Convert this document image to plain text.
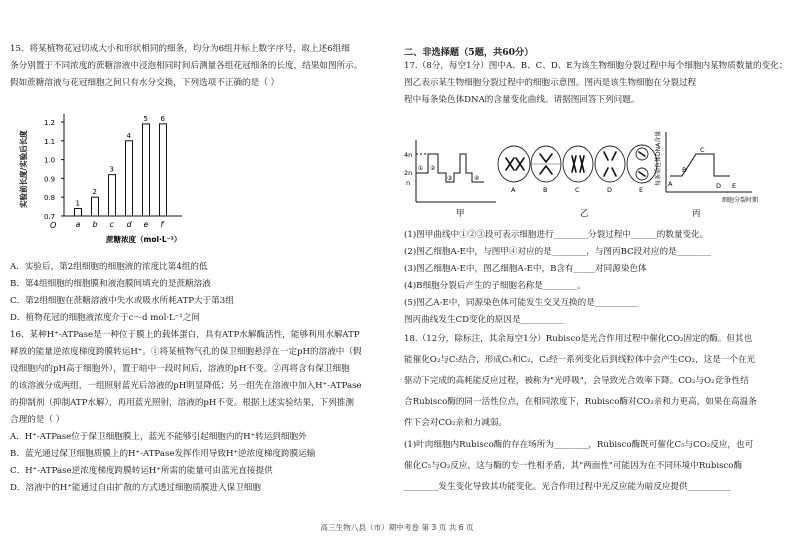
15、将某植物花冠切成大小和形状相同的细条，均分为6组并标上数字序号，取上述6组细
条分别置于不同浓度的蔗糖溶液中浸泡相同时间后测量各组花冠细条的长度，结果如图所示。
假如蔗糖溶液与花冠细胞之间只有水分交换，下列选项不正确的是（ ）
0.7
0.8
0.9
1.0
1.1
1.2
实验前长度/实验后长度
O
1
a
2
b
3
c
4
d
5
e
6
f
蔗糖浓度（mol·L⁻¹）
A．实验后，第2组细胞的细胞液的浓度比第4组的低
B．第4组细胞的细胞膜和液泡膜间填充的是蔗糖溶液
C．第2组细胞在蔗糖溶液中失水或吸水所耗ATP大于第3组
D．植物花冠的细胞液浓度介于c～d mol·L⁻¹之间
16、某种H⁺-ATPase是一种位于膜上的载体蛋白，具有ATP水解酶活性，能够利用水解ATP
释放的能量逆浓度梯度跨膜转运H⁺。①将某植物气孔的保卫细胞悬浮在一定pH的溶液中（假
设细胞内的pH高于细胞外），置于暗中一段时间后，溶液的pH不变。②再将含有保卫细胞
的该溶液分成两组，一组照射蓝光后溶液的pH明显降低；另一组先在溶液中加入H⁺-ATPase
的抑制剂（抑制ATP水解），再用蓝光照射，溶液的pH不变。根据上述实验结果，下列推测
合理的是（ ）
A．H⁺-ATPase位于保卫细胞膜上，蓝光不能够引起细胞内的H⁺转运到细胞外
B．蓝光通过保卫细胞质膜上的H⁺-ATPase发挥作用导致H⁺逆浓度梯度跨膜运输
C．H⁺-ATPase逆浓度梯度跨膜转运H⁺所需的能量可由蓝光直接提供
D．溶液中的H⁺能通过自由扩散的方式透过细胞质膜进入保卫细胞
二、非选择题（5题，共60分）
17.（8分，每空1分）图中A、B、C、D、E为该生物细胞分裂过程中每个细胞内某物质数量的变化；
图乙表示某生物细胞分裂过程中的细胞示意图。图丙是该生物细胞在分裂过程
程中每条染色体DNA的含量变化曲线。请据图回答下列问题。
4n
2n
n
① ②
③	④
甲
A	B	C	D	E
乙
每条染色体DNA含量 A
B
C
D E
细胞分裂时期
丙
(1)图甲曲线中①②③段可表示细胞进行________分裂过程中______的数量变化。
(2)图乙细胞A-E中，与图甲④对应的是________，与图丙BC段对应的是________
(3)图乙细胞A-E中，图乙细胞A-E中，B含有_____对同源染色体
(4)B细胞分裂后产生的子细胞名称是________。
(5)图乙A-E中，同源染色体可能发生交叉互换的是__________
图丙曲线发生CD变化的原因是__________
18.（12分，除标注，其余每空1分）Rubisco是光合作用过程中催化CO₂固定的酶。但其也
能催化O₂与C₅结合，形成C₃和C₂，C₂经一系列变化后到线粒体中会产生CO₂，这是一个在光
驱动下完成的高耗能反应过程，被称为"光呼吸"，会导致光合效率下降。CO₂与O₂竞争性结
合Rubisco酶的同一活性位点，在相同浓度下，Rubisco酶对CO₂亲和力更高，如果在高温条
件下会对CO₂亲和力减弱。
(1)叶肉细胞内Rubisco酶的存在场所为________，Rubisco酶既可催化C₅与CO₂反应，也可
催化C₅与O₂反应，这与酶的专一性相矛盾，其"两面性"可能因为在不同环境中Rubisco酶
________发生变化导致其功能变化。光合作用过程中光反应能为暗反应提供__________
高三生物八县（市）期中考卷 第 3 页 共 6 页
